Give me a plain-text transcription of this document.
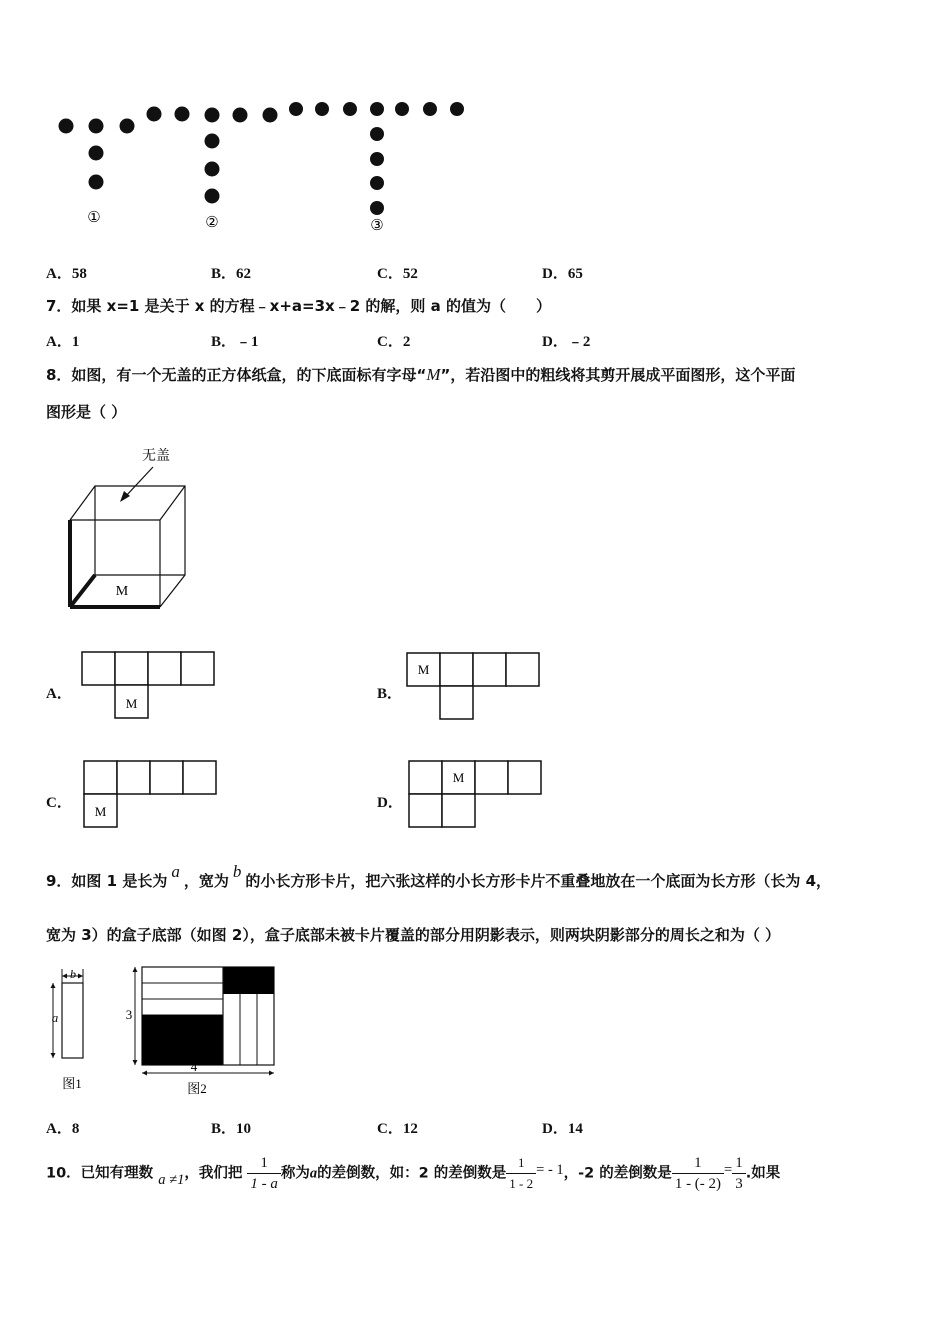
①	②	③
A．58	B．62	C．52	D．65
7．如果 x=1 是关于 x 的方程﹣x+a=3x﹣2 的解，则 a 的值为（　　）
A．1	B．﹣1	C．2	D．﹣2
8．如图，有一个无盖的正方体纸盒，的下底面标有字母“M”，若沿图中的粗线将其剪开展成平面图形，这个平面
图形是（ ）
无盖
M
A．	B．
C．	D．
M
M
M
M
9．如图 1 是长为 a ，宽为 b 的小长方形卡片，把六张这样的小长方形卡片不重叠地放在一个底面为长方形（长为 4，
宽为 3）的盒子底部（如图 2），盒子底部未被卡片覆盖的部分用阴影表示，则两块阴影部分的周长之和为（ ）
b
a
图1
3
4
图2
A．8	B．10	C．12	D．14
10．已知有理数 a ≠1，我们把 $\frac{1}{1 - a}$ 称为a的差倒数，如：2 的差倒数是 $\frac{1}{1 - 2}$ = - 1，-2 的差倒数是 $\frac{1}{1 - (- 2)} = \frac{1}{3}$ .如果
